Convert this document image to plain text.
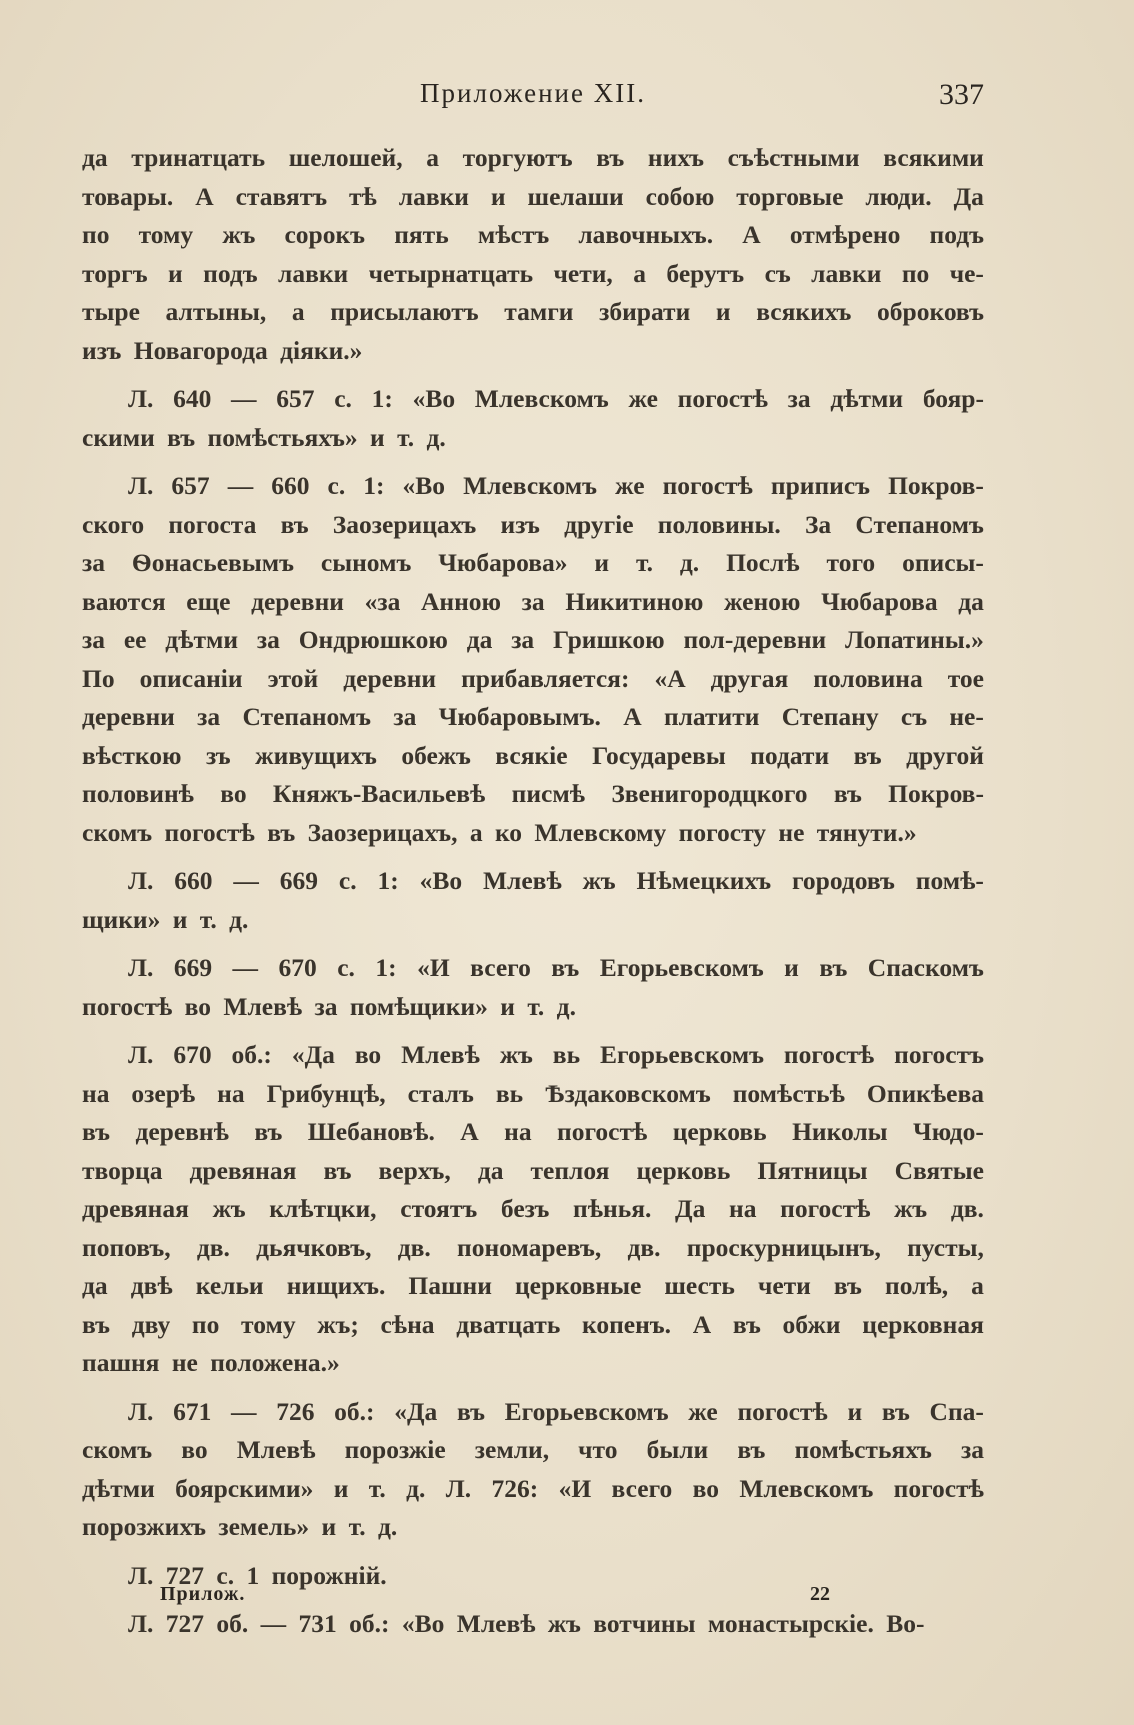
Приложение XII.	337
да тринатцать шелошей, а торгуютъ въ нихъ съѣстными всякими
товары. А ставятъ тѣ лавки и шелаши собою торговые люди. Да
по тому жъ сорокъ пять мѣстъ лавочныхъ. А отмѣрено подъ
торгъ и подъ лавки четырнатцать чети, а берутъ съ лавки по че-
тыре алтыны, а присылаютъ тамги збирати и всякихъ оброковъ
изъ Новагорода діяки.»
Л. 640 — 657 с. 1: «Во Млевскомъ же погостѣ за дѣтми бояр-
скими въ помѣстьяхъ» и т. д.
Л. 657 — 660 с. 1: «Во Млевскомъ же погостѣ приписъ Покров-
ского погоста въ Заозерицахъ изъ другіе половины. За Степаномъ
за Ѳонасьевымъ сыномъ Чюбарова» и т. д. Послѣ того описы-
ваются еще деревни «за Анною за Никитиною женою Чюбарова да
за ее дѣтми за Ондрюшкою да за Гришкою пол-деревни Лопатины.»
По описаніи этой деревни прибавляется: «А другая половина тое
деревни за Степаномъ за Чюбаровымъ. А платити Степану съ не-
вѣсткою зъ живущихъ обежъ всякіе Государевы подати въ другой
половинѣ во Княжъ-Васильевѣ писмѣ Звенигородцкого въ Покров-
скомъ погостѣ въ Заозерицахъ, а ко Млевскому погосту не тянути.»
Л. 660 — 669 с. 1: «Во Млевѣ жъ Нѣмецкихъ городовъ помѣ-
щики» и т. д.
Л. 669 — 670 с. 1: «И всего въ Егорьевскомъ и въ Спаскомъ
погостѣ во Млевѣ за помѣщики» и т. д.
Л. 670 об.: «Да во Млевѣ жъ вь Егорьевскомъ погостѣ погостъ
на озерѣ на Грибунцѣ, сталъ вь Ѣздаковскомъ помѣстьѣ Опикѣева
въ деревнѣ въ Шебановѣ. А на погостѣ церковь Николы Чюдо-
творца древяная въ верхъ, да теплоя церковь Пятницы Святые
древяная жъ клѣтцки, стоятъ безъ пѣнья. Да на погостѣ жъ дв.
поповъ, дв. дьячковъ, дв. пономаревъ, дв. проскурницынъ, пусты,
да двѣ кельи нищихъ. Пашни церковные шесть чети въ полѣ, а
въ дву по тому жъ; сѣна дватцать копенъ. А въ обжи церковная
пашня не положена.»
Л. 671 — 726 об.: «Да въ Егорьевскомъ же погостѣ и въ Спа-
скомъ во Млевѣ порозжіе земли, что были въ помѣстьяхъ за
дѣтми боярскими» и т. д. Л. 726: «И всего во Млевскомъ погостѣ
порозжихъ земель» и т. д.
Л. 727 с. 1 порожній.
Л. 727 об. — 731 об.: «Во Млевѣ жъ вотчины монастырскіе. Во-
Прилож.	22
